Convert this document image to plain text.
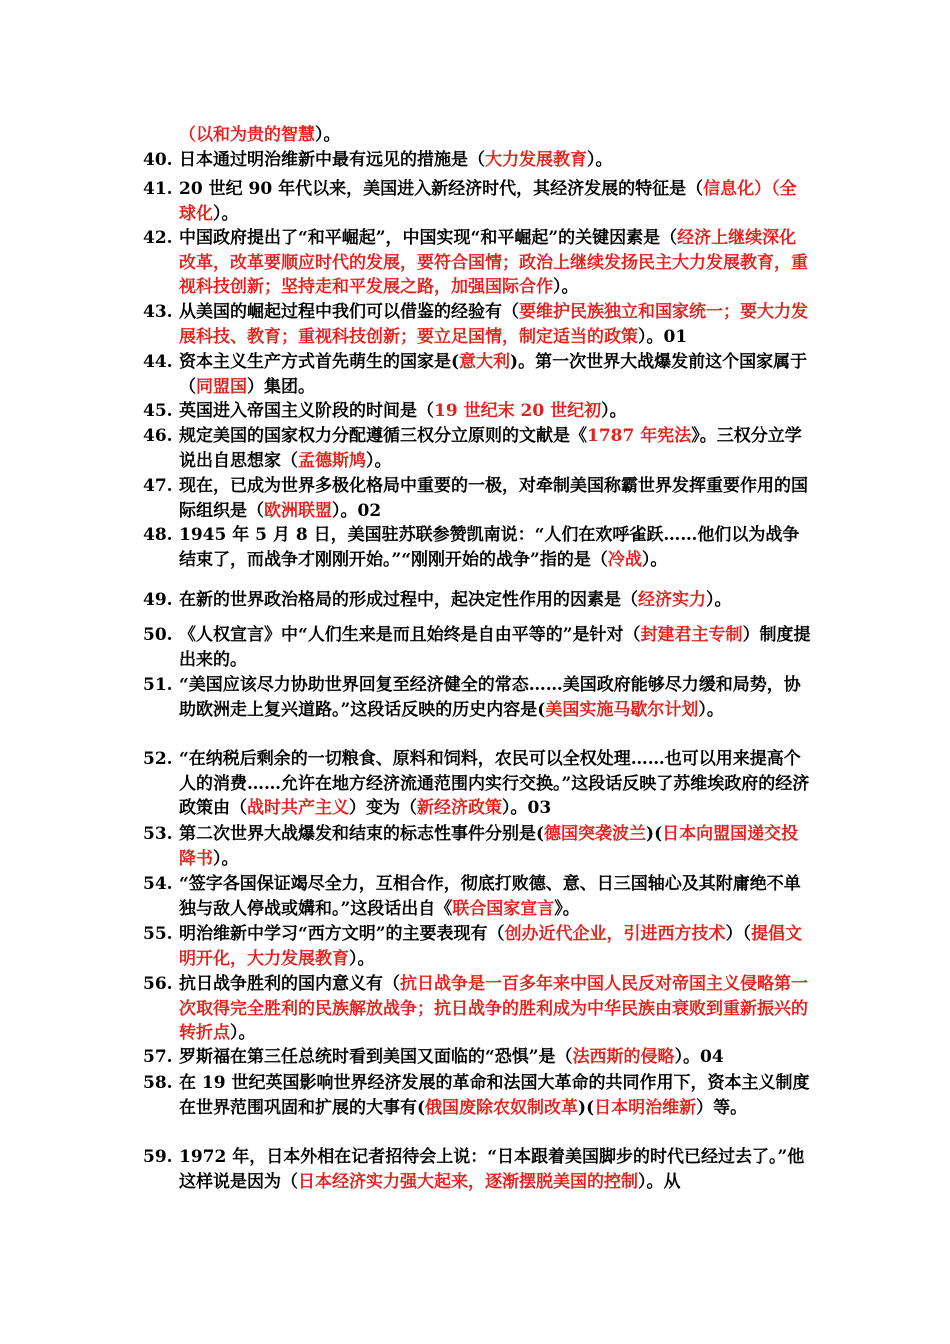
（以和为贵的智慧）。
40. 日本通过明治维新中最有远见的措施是（大力发展教育）。
41. 20 世纪 90 年代以来，美国进入新经济时代，其经济发展的特征是（信息化）（全球化）。
42. 中国政府提出了“和平崛起”，中国实现“和平崛起”的关键因素是（经济上继续深化改革，改革要顺应时代的发展，要符合国情；政治上继续发扬民主大力发展教育，重视科技创新；坚持走和平发展之路，加强国际合作）。
43. 从美国的崛起过程中我们可以借鉴的经验有（要维护民族独立和国家统一；要大力发展科技、教育；重视科技创新；要立足国情，制定适当的政策）。01
44. 资本主义生产方式首先萌生的国家是(意大利)。第一次世界大战爆发前这个国家属于（同盟国）集团。
45. 英国进入帝国主义阶段的时间是（19 世纪末 20 世纪初）。
46. 规定美国的国家权力分配遵循三权分立原则的文献是《1787 年宪法》。三权分立学说出自思想家（孟德斯鸠）。
47. 现在，已成为世界多极化格局中重要的一极，对牵制美国称霸世界发挥重要作用的国际组织是（欧洲联盟）。02
48. 1945 年 5 月 8 日，美国驻苏联参赞凯南说：“人们在欢呼雀跃……他们以为战争结束了，而战争才刚刚开始。”“刚刚开始的战争”指的是（冷战）。
49. 在新的世界政治格局的形成过程中，起决定性作用的因素是（经济实力）。
50. 《人权宣言》中“人们生来是而且始终是自由平等的”是针对（封建君主专制）制度提出来的。
51. “美国应该尽力协助世界回复至经济健全的常态……美国政府能够尽力缓和局势，协助欧洲走上复兴道路。”这段话反映的历史内容是(美国实施马歇尔计划）。
52. “在纳税后剩余的一切粮食、原料和饲料，农民可以全权处理……也可以用来提高个人的消费……允许在地方经济流通范围内实行交换。”这段话反映了苏维埃政府的经济政策由（战时共产主义）变为（新经济政策）。03
53. 第二次世界大战爆发和结束的标志性事件分别是(德国突袭波兰)(日本向盟国递交投降书）。
54. “签字各国保证竭尽全力，互相合作，彻底打败德、意、日三国轴心及其附庸绝不单独与敌人停战或媾和。”这段话出自《联合国家宣言》。
55. 明治维新中学习“西方文明”的主要表现有（创办近代企业，引进西方技术）（提倡文明开化，大力发展教育）。
56. 抗日战争胜利的国内意义有（抗日战争是一百多年来中国人民反对帝国主义侵略第一次取得完全胜利的民族解放战争；抗日战争的胜利成为中华民族由衰败到重新振兴的转折点）。
57. 罗斯福在第三任总统时看到美国又面临的“恐惧”是（法西斯的侵略）。04
58. 在 19 世纪英国影响世界经济发展的革命和法国大革命的共同作用下，资本主义制度在世界范围巩固和扩展的大事有(俄国废除农奴制改革)(日本明治维新）等。
59. 1972 年，日本外相在记者招待会上说：“日本跟着美国脚步的时代已经过去了。”他这样说是因为（日本经济实力强大起来，逐渐摆脱美国的控制）。从
